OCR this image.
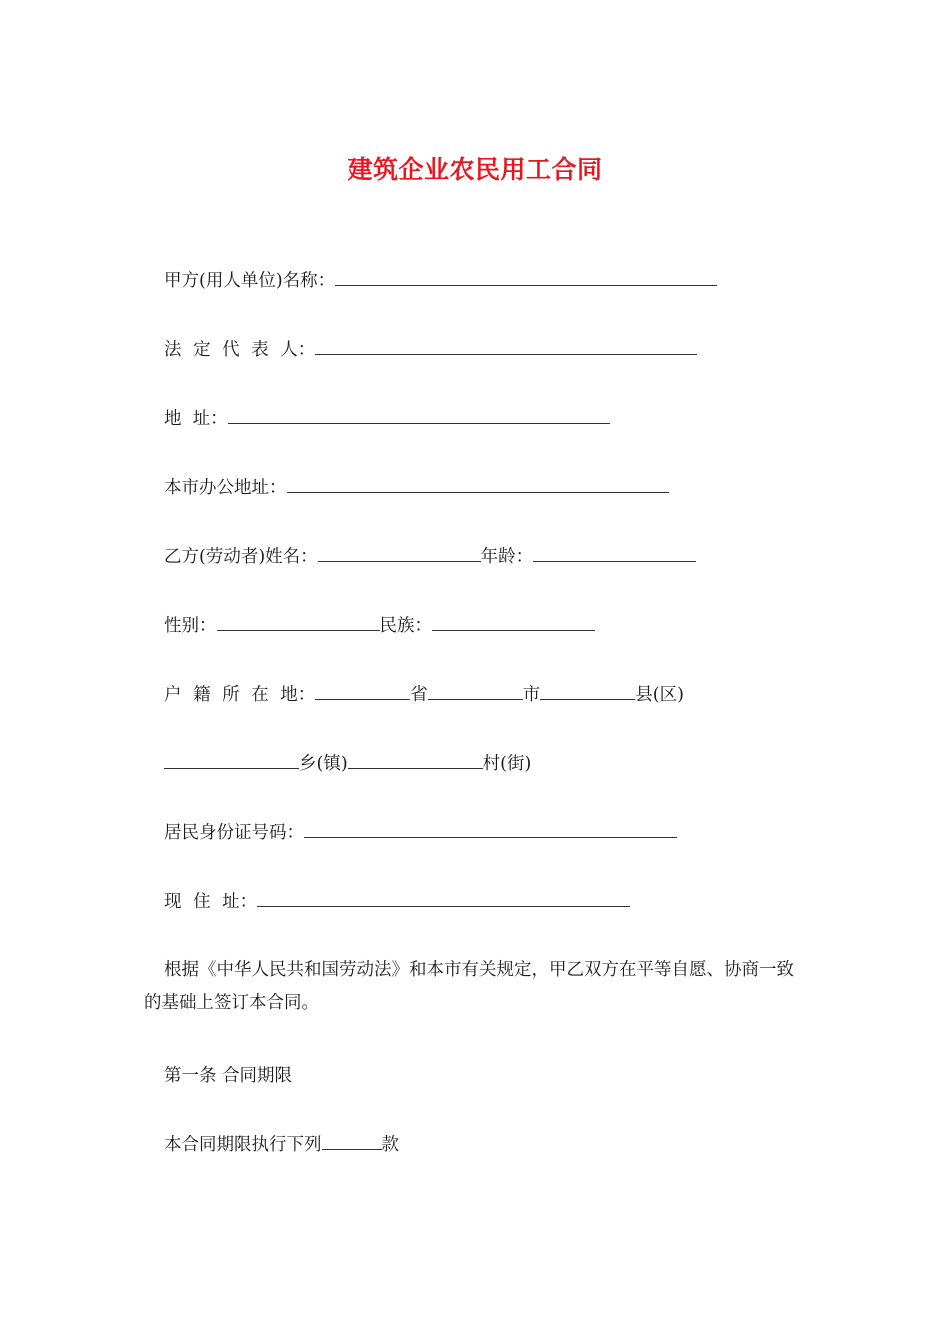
建筑企业农民用工合同
甲方(用人单位)名称：
法 定 代 表 人：
地  址：
本市办公地址：
乙方(劳动者)姓名：	年龄：
性别：	民族：
户 籍 所 在 地：	省	市	县(区)
乡(镇)	村(街)
居民身份证号码：
现 住 址：
根据《中华人民共和国劳动法》和本市有关规定，甲乙双方在平等自愿、协商一致的基础上签订本合同。
第一条 合同期限
本合同期限执行下列	款
